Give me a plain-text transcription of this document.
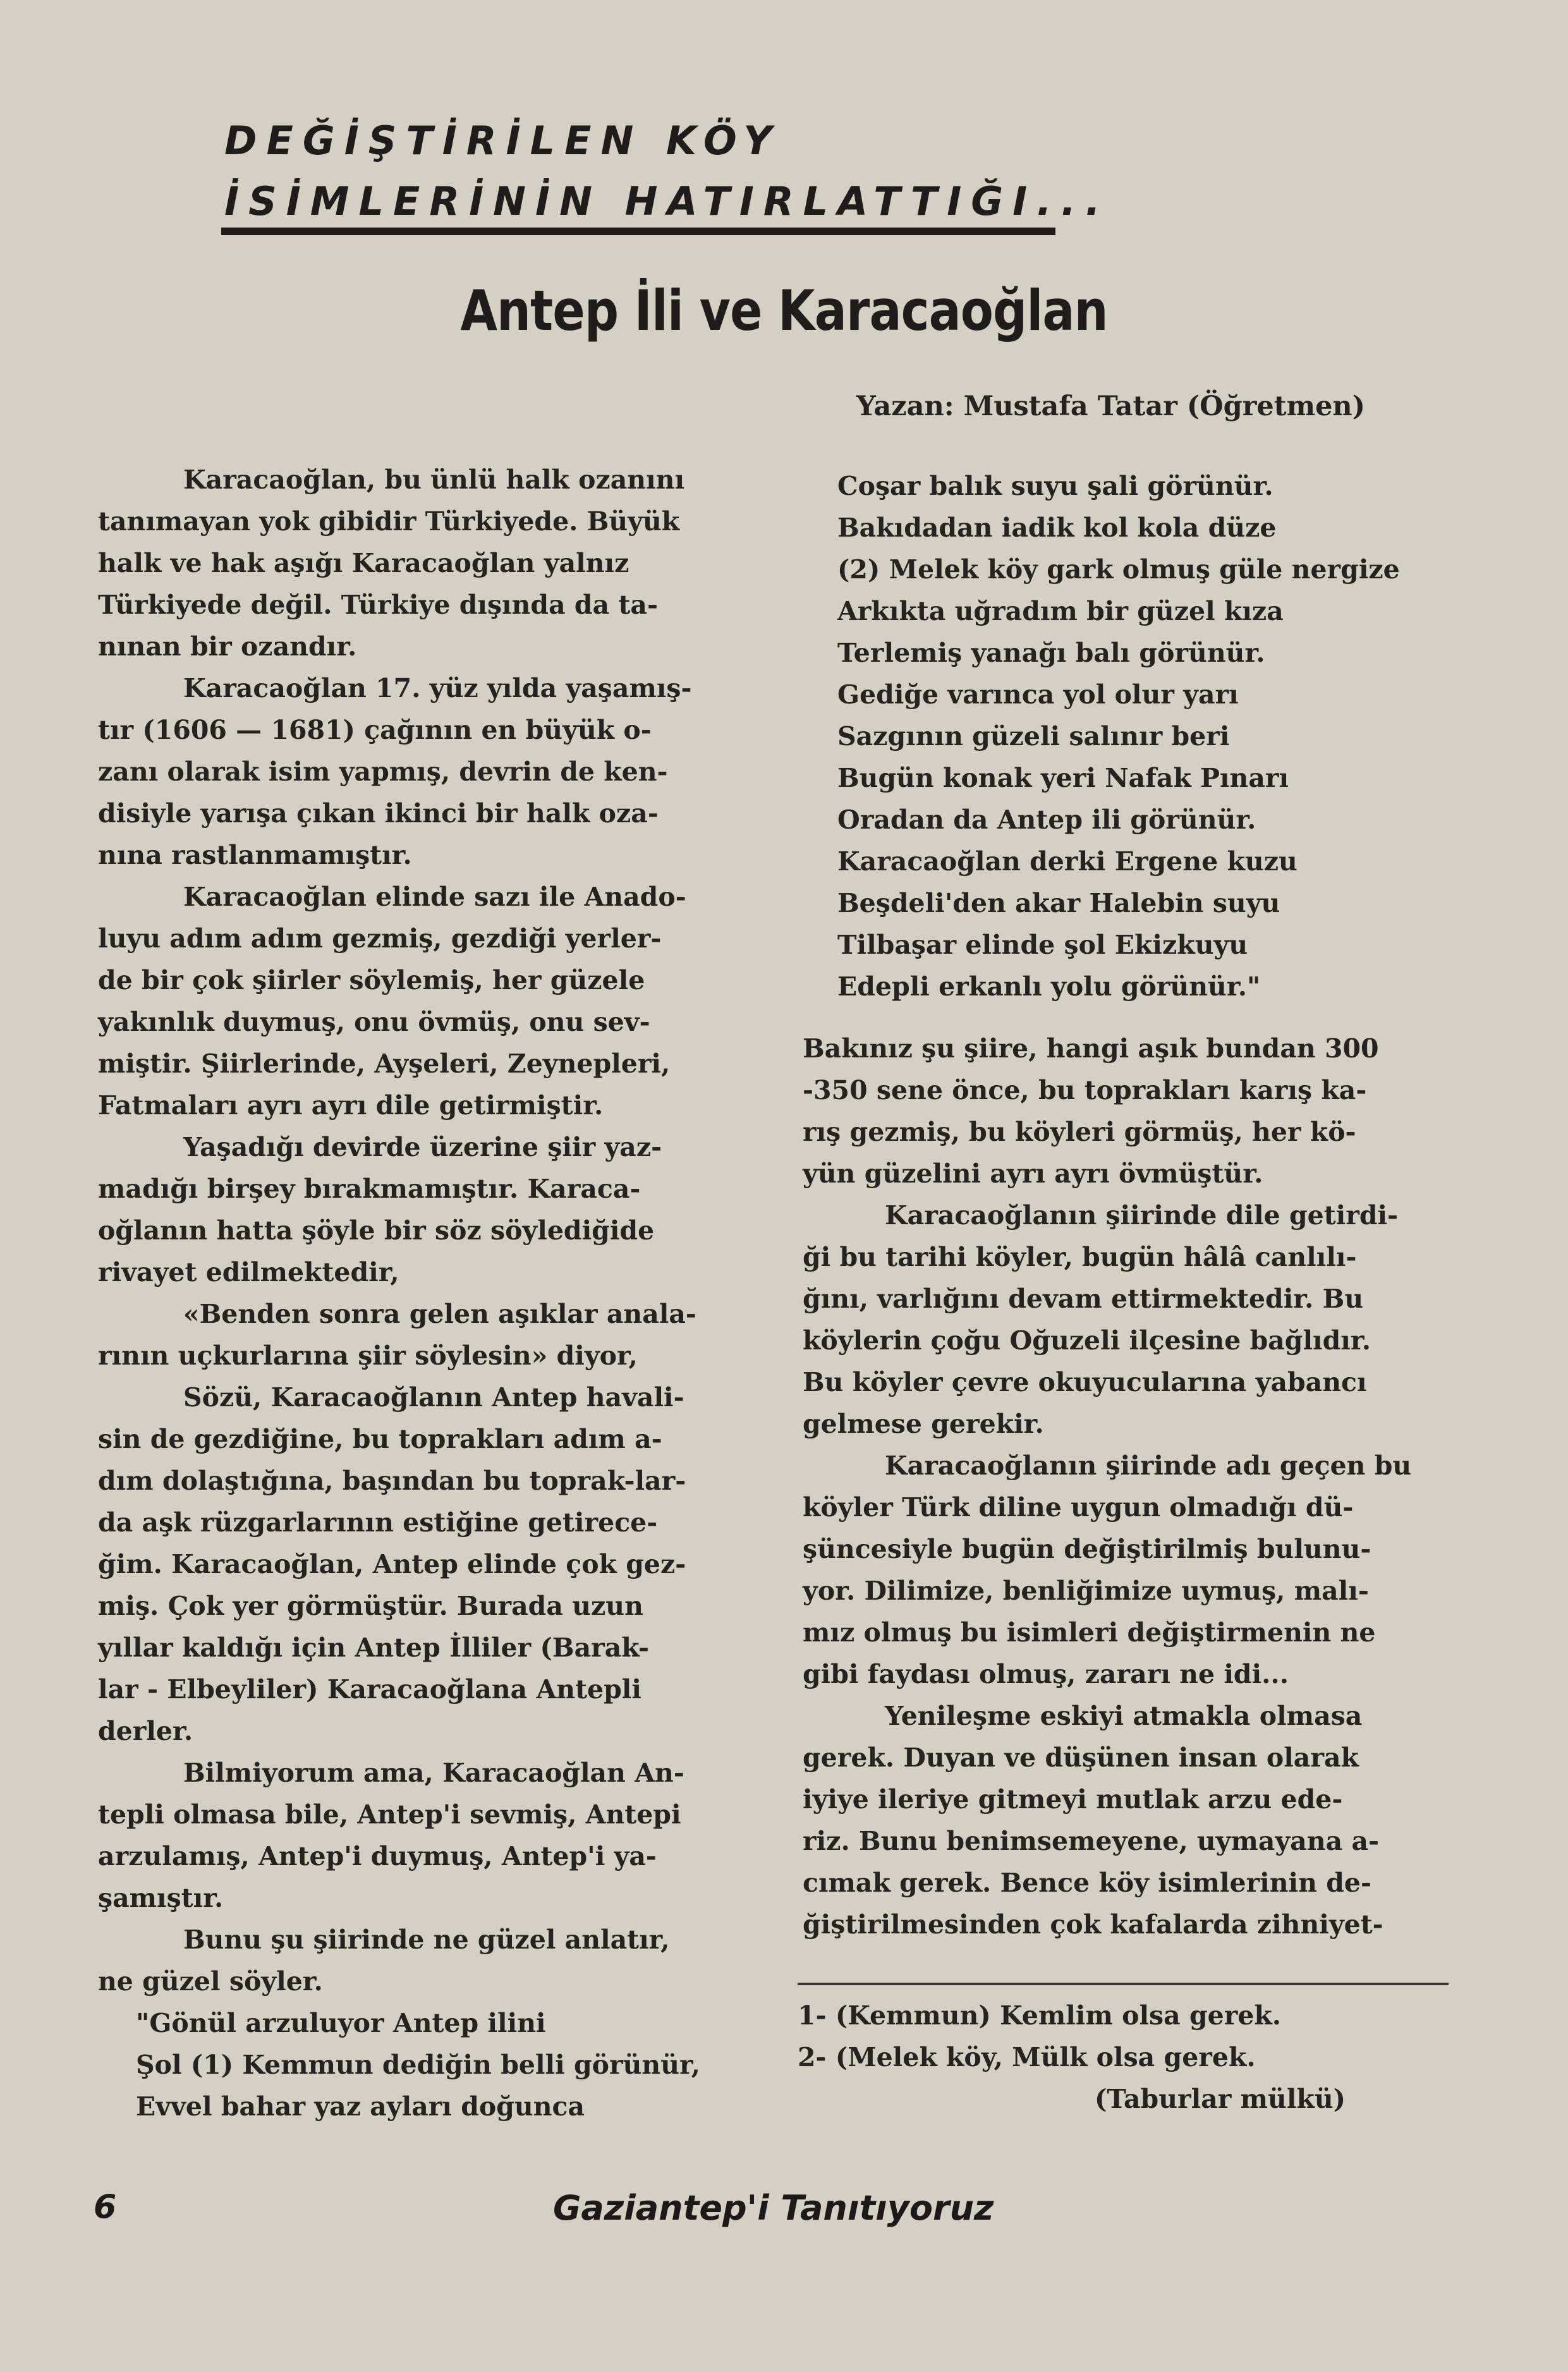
DEĞİŞTİRİLEN KÖY
İSİMLERİNİN HATIRLATTIĞI...
Antep İli ve Karacaoğlan
Yazan: Mustafa Tatar (Öğretmen)

Karacaoğlan, bu ünlü halk ozanını

tanımayan yok gibidir Türkiyede. Büyük

halk ve hak aşığı Karacaoğlan yalnız

Türkiyede değil. Türkiye dışında da ta-

nınan bir ozandır.

Karacaoğlan 17. yüz yılda yaşamış-

tır (1606 — 1681) çağının en büyük o-

zanı olarak isim yapmış, devrin de ken-

disiyle yarışa çıkan ikinci bir halk oza-

nına rastlanmamıştır.

Karacaoğlan elinde sazı ile Anado-

luyu adım adım gezmiş, gezdiği yerler-

de bir çok şiirler söylemiş, her güzele

yakınlık duymuş, onu övmüş, onu sev-

miştir. Şiirlerinde, Ayşeleri, Zeynepleri,

Fatmaları ayrı ayrı dile getirmiştir.

Yaşadığı devirde üzerine şiir yaz-

madığı birşey bırakmamıştır. Karaca-

oğlanın hatta şöyle bir söz söylediğide

rivayet edilmektedir,

«Benden sonra gelen aşıklar anala-

rının uçkurlarına şiir söylesin» diyor,

Sözü, Karacaoğlanın Antep havali-

sin de gezdiğine, bu toprakları adım a-

dım dolaştığına, başından bu toprak-lar-

da aşk rüzgarlarının estiğine getirece-

ğim. Karacaoğlan, Antep elinde çok gez-

miş. Çok yer görmüştür. Burada uzun

yıllar kaldığı için Antep İlliler (Barak-

lar - Elbeyliler) Karacaoğlana Antepli

derler.

Bilmiyorum ama, Karacaoğlan An-

tepli olmasa bile, Antep'i sevmiş, Antepi

arzulamış, Antep'i duymuş, Antep'i ya-

şamıştır.

Bunu şu şiirinde ne güzel anlatır,

ne güzel söyler.

"Gönül arzuluyor Antep ilini

Şol (1) Kemmun dediğin belli görünür,

Evvel bahar yaz ayları doğunca

Coşar balık suyu şali görünür.

Bakıdadan iadik kol kola düze

(2) Melek köy gark olmuş güle nergize

Arkıkta uğradım bir güzel kıza

Terlemiş yanağı balı görünür.

Gediğe varınca yol olur yarı

Sazgının güzeli salınır beri

Bugün konak yeri Nafak Pınarı

Oradan da Antep ili görünür.

Karacaoğlan derki Ergene kuzu

Beşdeli'den akar Halebin suyu

Tilbaşar elinde şol Ekizkuyu

Edepli erkanlı yolu görünür."

Bakınız şu şiire, hangi aşık bundan 300

-350 sene önce, bu toprakları karış ka-

rış gezmiş, bu köyleri görmüş, her kö-

yün güzelini ayrı ayrı övmüştür.

Karacaoğlanın şiirinde dile getirdi-

ği bu tarihi köyler, bugün hâlâ canlılı-

ğını, varlığını devam ettirmektedir. Bu

köylerin çoğu Oğuzeli ilçesine bağlıdır.

Bu köyler çevre okuyucularına yabancı

gelmese gerekir.

Karacaoğlanın şiirinde adı geçen bu

köyler Türk diline uygun olmadığı dü-

şüncesiyle bugün değiştirilmiş bulunu-

yor. Dilimize, benliğimize uymuş, malı-

mız olmuş bu isimleri değiştirmenin ne

gibi faydası olmuş, zararı ne idi...

Yenileşme eskiyi atmakla olmasa

gerek. Duyan ve düşünen insan olarak

iyiye ileriye gitmeyi mutlak arzu ede-

riz. Bunu benimsemeyene, uymayana a-

cımak gerek. Bence köy isimlerinin de-

ğiştirilmesinden çok kafalarda zihniyet-

1- (Kemmun) Kemlim olsa gerek.

2- (Melek köy, Mülk olsa gerek.

(Taburlar mülkü)

6	Gaziantep'i Tanıtıyoruz
